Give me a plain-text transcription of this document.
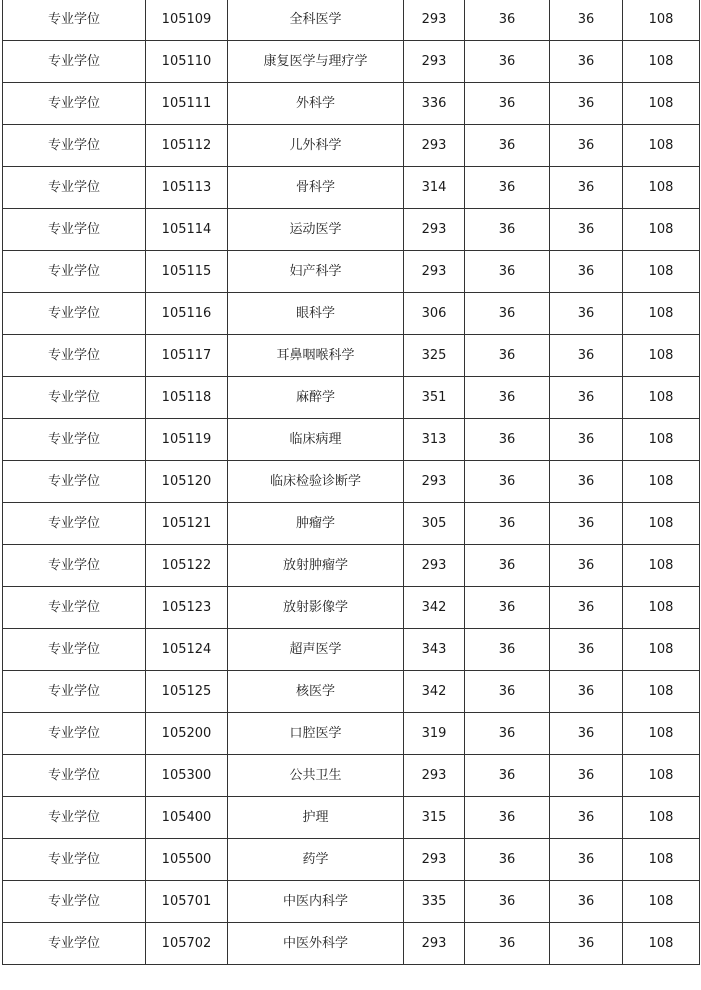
专业学位	105109	全科医学	293	36	36	108
专业学位	105110	康复医学与理疗学	293	36	36	108
专业学位	105111	外科学	336	36	36	108
专业学位	105112	儿外科学	293	36	36	108
专业学位	105113	骨科学	314	36	36	108
专业学位	105114	运动医学	293	36	36	108
专业学位	105115	妇产科学	293	36	36	108
专业学位	105116	眼科学	306	36	36	108
专业学位	105117	耳鼻咽喉科学	325	36	36	108
专业学位	105118	麻醉学	351	36	36	108
专业学位	105119	临床病理	313	36	36	108
专业学位	105120	临床检验诊断学	293	36	36	108
专业学位	105121	肿瘤学	305	36	36	108
专业学位	105122	放射肿瘤学	293	36	36	108
专业学位	105123	放射影像学	342	36	36	108
专业学位	105124	超声医学	343	36	36	108
专业学位	105125	核医学	342	36	36	108
专业学位	105200	口腔医学	319	36	36	108
专业学位	105300	公共卫生	293	36	36	108
专业学位	105400	护理	315	36	36	108
专业学位	105500	药学	293	36	36	108
专业学位	105701	中医内科学	335	36	36	108
专业学位	105702	中医外科学	293	36	36	108
